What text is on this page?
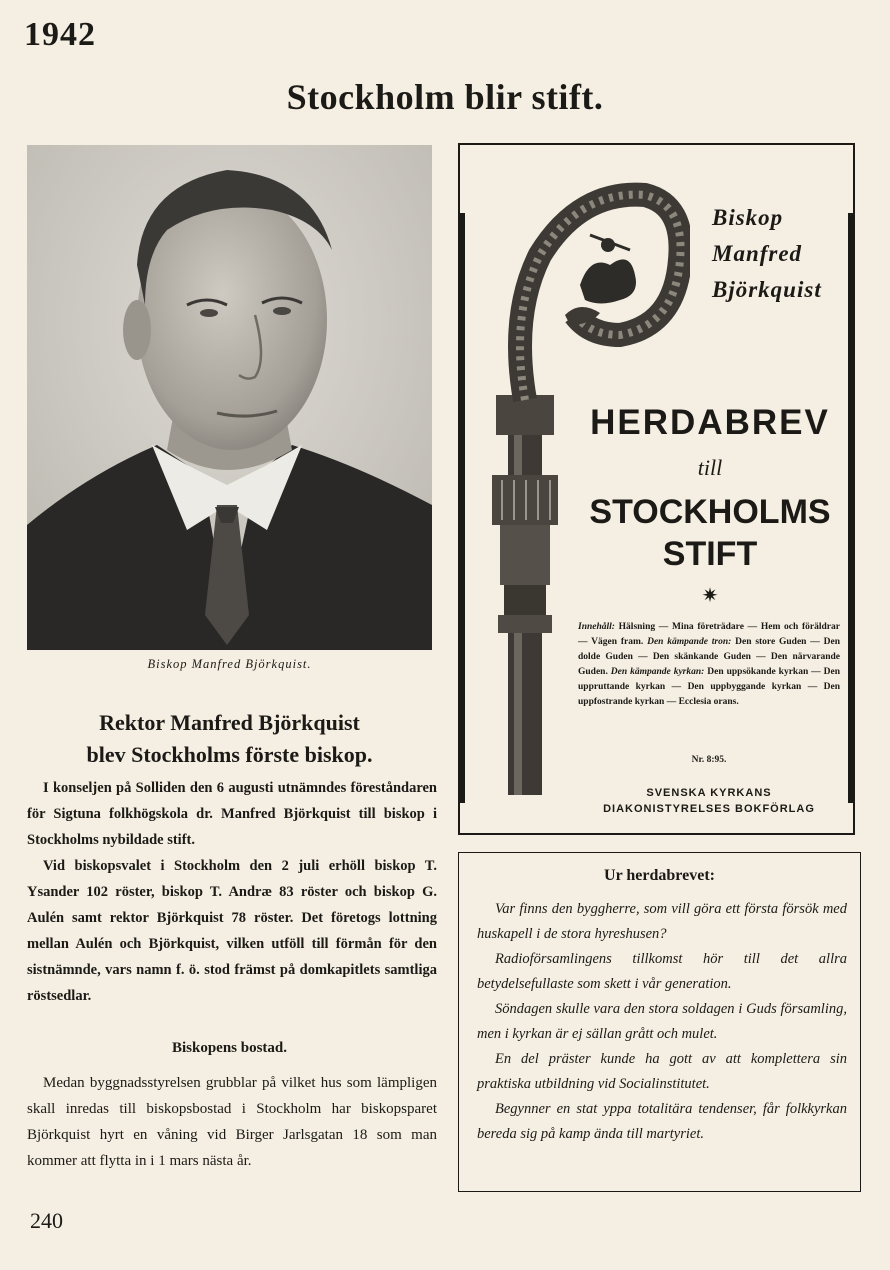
1942
Stockholm blir stift.
Biskop Manfred Björkquist.
Rektor Manfred Björkquist
blev Stockholms förste biskop.

I konseljen på Solliden den 6 augusti utnämndes föreståndaren för Sigtuna folkhögskola dr. Manfred Björkquist till biskop i Stockholms nybildade stift.

Vid biskopsvalet i Stockholm den 2 juli erhöll biskop T. Ysander 102 röster, biskop T. Andræ 83 röster och biskop G. Aulén samt rektor Björkquist 78 röster. Det företogs lottning mellan Aulén och Björkquist, vilken utföll till förmån för den sistnämnde, vars namn f. ö. stod främst på domkapitlets samtliga röstsedlar.

Biskopens bostad.

Medan byggnadsstyrelsen grubblar på vilket hus som lämpligen skall inredas till biskopsbostad i Stockholm har biskopsparet Björkquist hyrt en våning vid Birger Jarlsgatan 18 som man kommer att flytta in i 1 mars nästa år.

240
Biskop
Manfred
Björkquist
HERDABREV
till
STOCKHOLMS
STIFT
✷
Innehåll: Hälsning — Mina företrädare — Hem och föräldrar — Vägen fram. Den kämpande tron: Den store Guden — Den dolde Guden — Den skänkande Guden — Den närvarande Guden. Den kämpande kyrkan: Den uppsökande kyrkan — Den uppruttande kyrkan — Den uppbyggande kyrkan — Den uppfostrande kyrkan — Ecclesia orans.
Nr. 8:95.
SVENSKA KYRKANS
DIAKONISTYRELSES BOKFÖRLAG
Ur herdabrevet:

Var finns den byggherre, som vill göra ett första försök med huskapell i de stora hyreshusen?

Radioförsamlingens tillkomst hör till det allra betydelsefullaste som skett i vår generation.

Söndagen skulle vara den stora soldagen i Guds församling, men i kyrkan är ej sällan grått och mulet.

En del präster kunde ha gott av att komplettera sin praktiska utbildning vid Socialinstitutet.

Begynner en stat yppa totalitära tendenser, får folkkyrkan bereda sig på kamp ända till martyriet.
